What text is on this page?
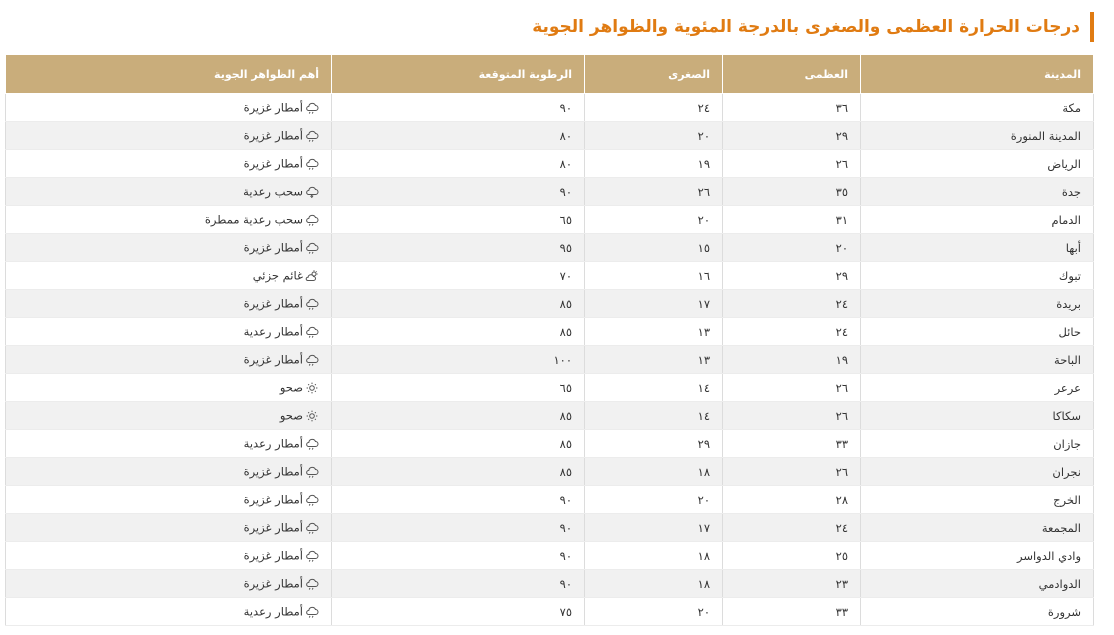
درجات الحرارة العظمى والصغرى بالدرجة المئوية والظواهر الجوية
المدينة	العظمى	الصغرى	الرطوبة المتوقعة	أهم الظواهر الجوية
مكة	٣٦	٢٤	٩٠	أمطار غزيرة
المدينة المنورة	٢٩	٢٠	٨٠	أمطار غزيرة
الرياض	٢٦	١٩	٨٠	أمطار غزيرة
جدة	٣٥	٢٦	٩٠	سحب رعدية
الدمام	٣١	٢٠	٦٥	سحب رعدية ممطرة
أبها	٢٠	١٥	٩٥	أمطار غزيرة
تبوك	٢٩	١٦	٧٠	غائم جزئي
بريدة	٢٤	١٧	٨٥	أمطار غزيرة
حائل	٢٤	١٣	٨٥	أمطار رعدية
الباحة	١٩	١٣	١٠٠	أمطار غزيرة
عرعر	٢٦	١٤	٦٥	صحو
سكاكا	٢٦	١٤	٨٥	صحو
جازان	٣٣	٢٩	٨٥	أمطار رعدية
نجران	٢٦	١٨	٨٥	أمطار غزيرة
الخرج	٢٨	٢٠	٩٠	أمطار غزيرة
المجمعة	٢٤	١٧	٩٠	أمطار غزيرة
وادي الدواسر	٢٥	١٨	٩٠	أمطار غزيرة
الدوادمي	٢٣	١٨	٩٠	أمطار غزيرة
شرورة	٣٣	٢٠	٧٥	أمطار رعدية
